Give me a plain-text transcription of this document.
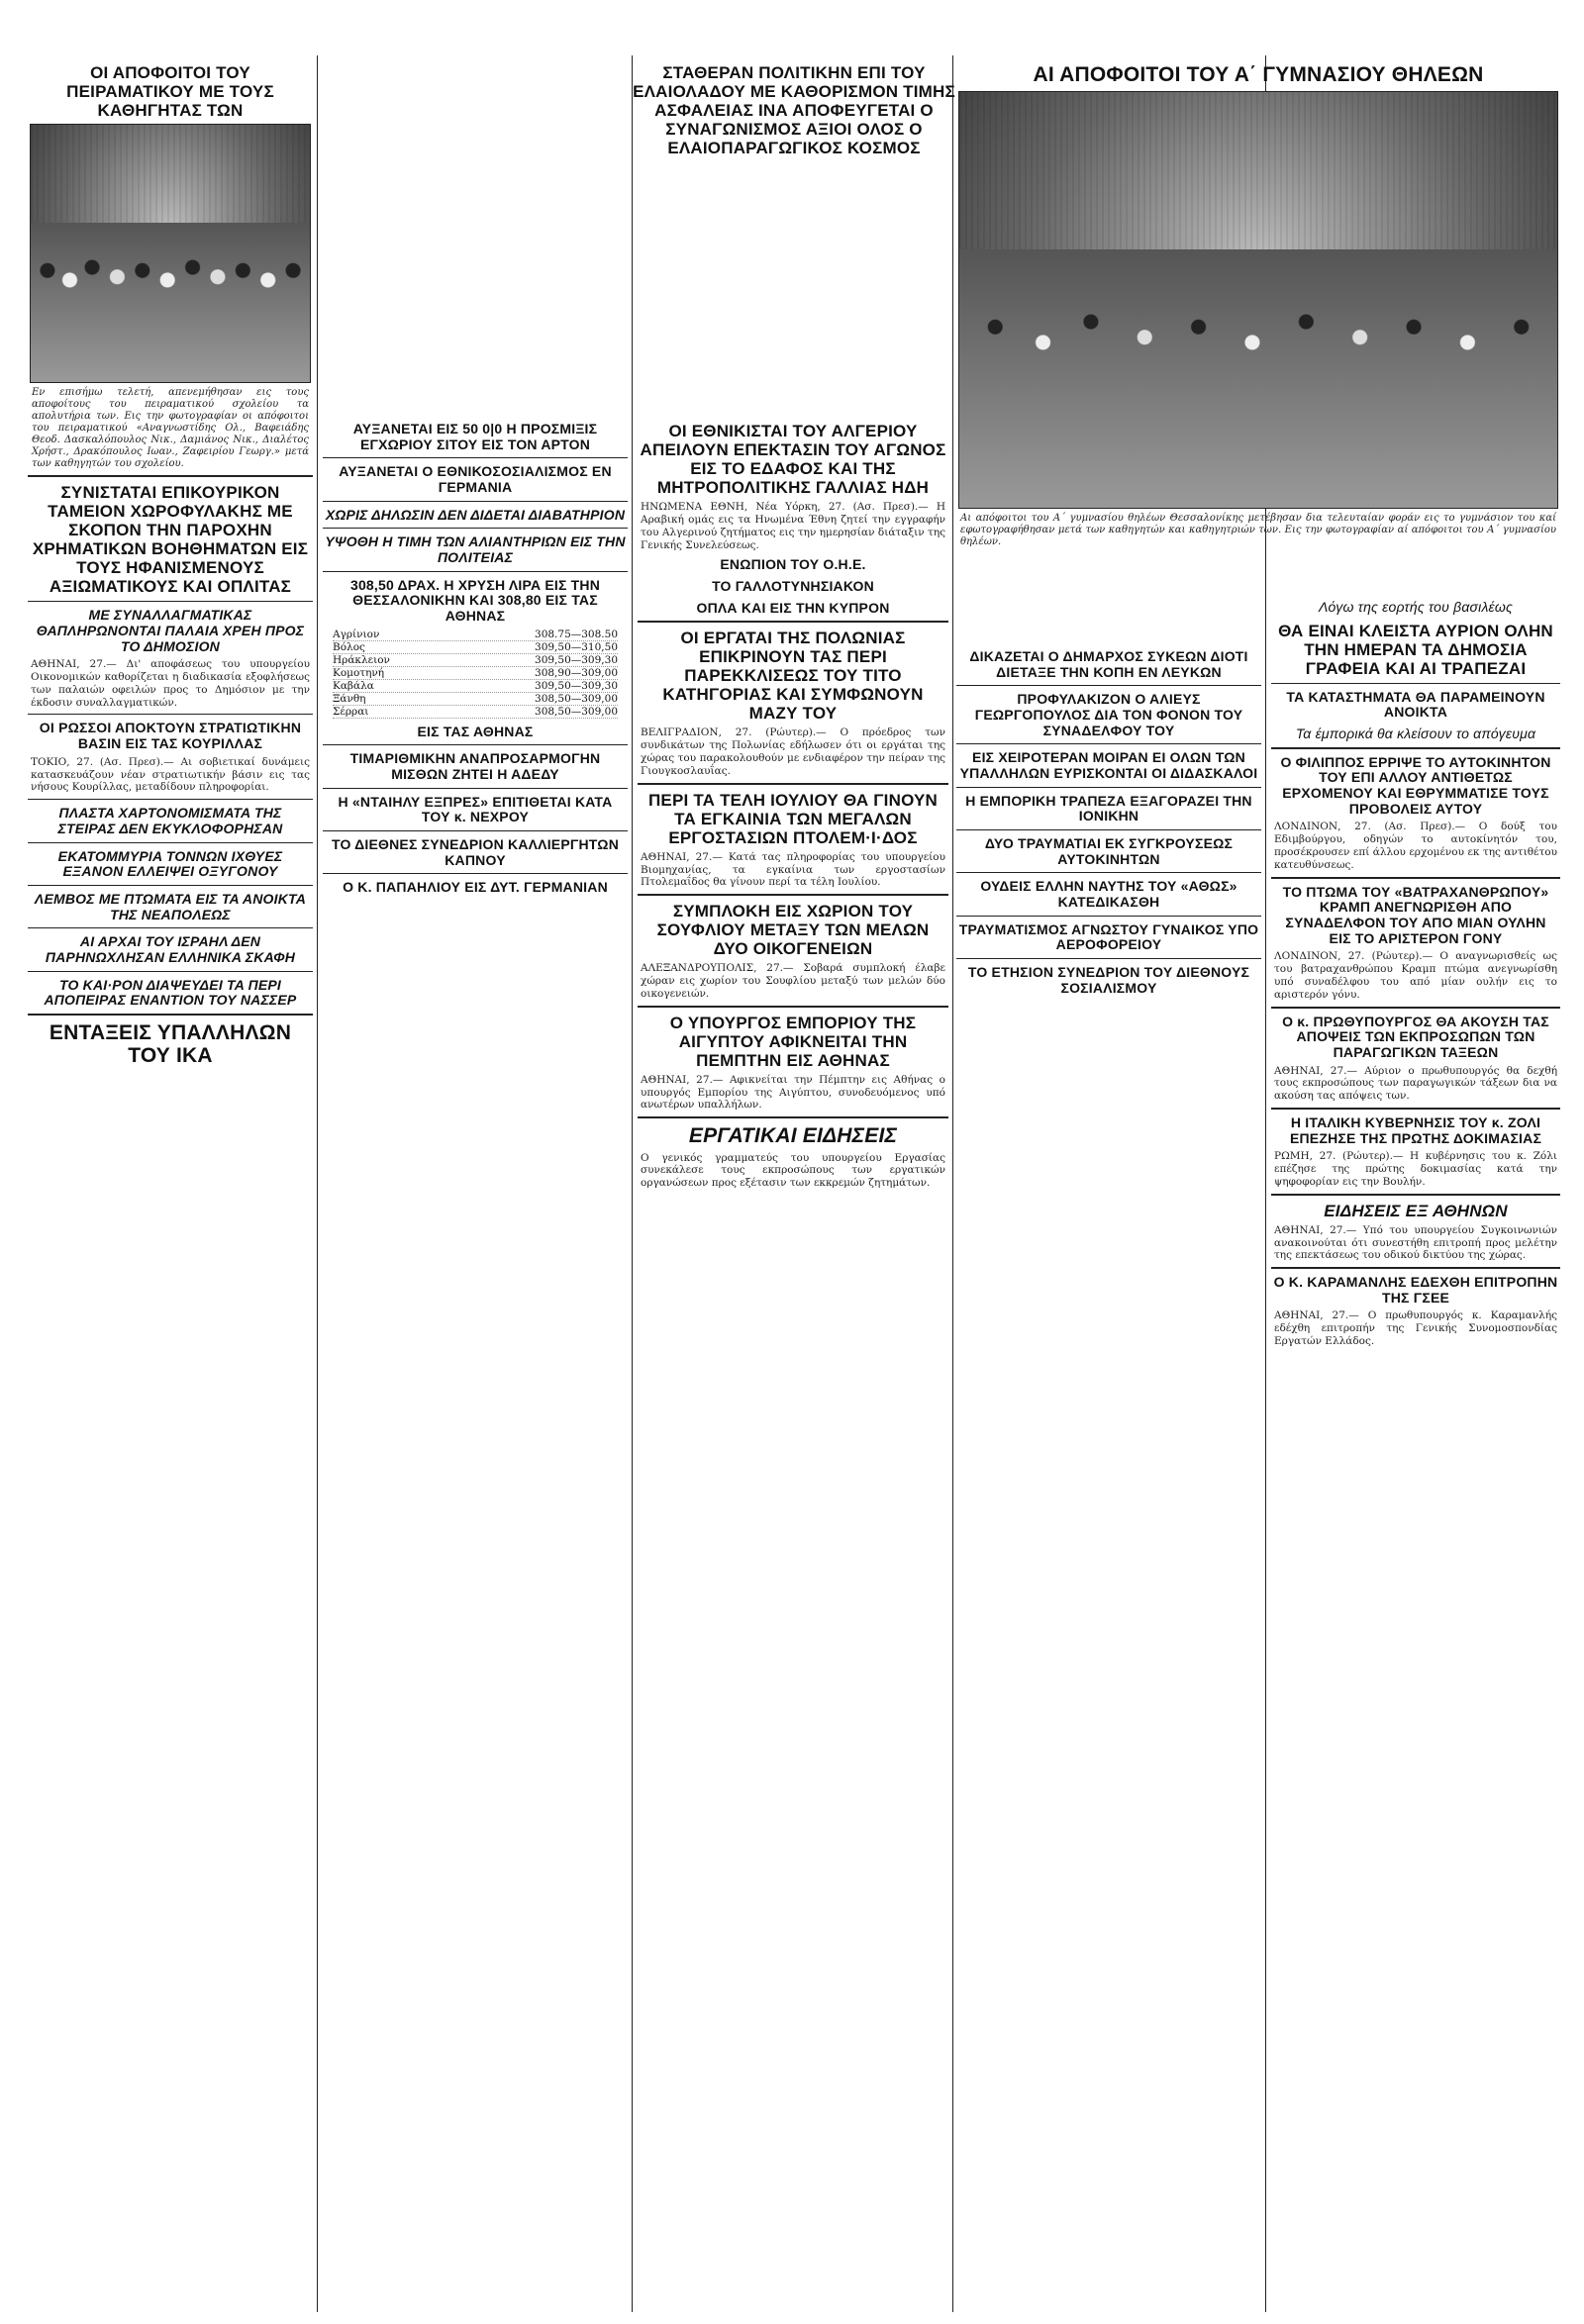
ΟΙ ΑΠΟΦΟΙΤΟΙ ΤΟΥ ΠΕΙΡΑΜΑΤΙΚΟΥ ΜΕ ΤΟΥΣ ΚΑΘΗΓΗΤΑΣ ΤΩΝ
Εν επισήμω τελετή, απενεμήθησαν εις τους αποφοίτους του πειραματικού σχολείου τα απολυτήρια των. Εις την φωτογραφίαν οι απόφοιτοι του πειραματικού «Αναγνωστίδης Ολ., Βαφειάδης Θεοδ. Δασκαλόπουλος Νικ., Δαμιάνος Νικ., Διαλέτος Χρήστ., Δρακόπουλος Ιωαν., Ζαφειρίου Γεωργ.» μετά των καθηγητών του σχολείου.
ΣΥΝΙΣΤΑΤΑΙ ΕΠΙΚΟΥΡΙΚΟΝ ΤΑΜΕΙΟΝ ΧΩΡΟΦΥΛΑΚΗΣ ΜΕ ΣΚΟΠΟΝ ΤΗΝ ΠΑΡΟΧΗΝ ΧΡΗΜΑΤΙΚΩΝ ΒΟΗΘΗΜΑΤΩΝ ΕΙΣ ΤΟΥΣ ΗΦΑΝΙΣΜΕΝΟΥΣ ΑΞΙΩΜΑΤΙΚΟΥΣ ΚΑΙ ΟΠΛΙΤΑΣ
ΜΕ ΣΥΝΑΛΛΑΓΜΑΤΙΚΑΣ ΘΑΠΛΗΡΩΝΟΝΤΑΙ ΠΑΛΑΙΑ ΧΡΕΗ ΠΡΟΣ ΤΟ ΔΗΜΟΣΙΟΝ
ΑΘΗΝΑΙ, 27.— Δι' αποφάσεως του υπουργείου Οικονομικών καθορίζεται η διαδικασία εξοφλήσεως των παλαιών οφειλών προς το Δημόσιον με την έκδοσιν συναλλαγματικών.
ΟΙ ΡΩΣΣΟΙ ΑΠΟΚΤΟΥΝ ΣΤΡΑΤΙΩΤΙΚΗΝ ΒΑΣΙΝ ΕΙΣ ΤΑΣ ΚΟΥΡΙΛΛΑΣ
ΤΟΚΙΟ, 27. (Ασ. Πρεσ).— Αι σοβιετικαί δυνάμεις κατασκευάζουν νέαν στρατιωτικήν βάσιν εις τας νήσους Κουρίλλας, μεταδίδουν πληροφορίαι.
ΠΛΑΣΤΑ ΧΑΡΤΟΝΟΜΙΣΜΑΤΑ ΤΗΣ ΣΤΕΙΡΑΣ ΔΕΝ ΕΚΥΚΛΟΦΟΡΗΣΑΝ
ΕΚΑΤΟΜΜΥΡΙΑ ΤΟΝΝΩΝ ΙΧΘΥΕΣ ΕΞΑΝΟΝ ΕΛΛΕΙΨΕΙ ΟΞΥΓΟΝΟΥ
ΛΕΜΒΟΣ ΜΕ ΠΤΩΜΑΤΑ ΕΙΣ ΤΑ ΑΝΟΙΚΤΑ ΤΗΣ ΝΕΑΠΟΛΕΩΣ
ΑΙ ΑΡΧΑΙ ΤΟΥ ΙΣΡΑΗΛ ΔΕΝ ΠΑΡΗΝΩΧΛΗΣΑΝ ΕΛΛΗΝΙΚΑ ΣΚΑΦΗ
ΤΟ ΚΑΙ·ΡΟΝ ΔΙΑΨΕΥΔΕΙ ΤΑ ΠΕΡΙ ΑΠΟΠΕΙΡΑΣ ΕΝΑΝΤΙΟΝ ΤΟΥ ΝΑΣΣΕΡ
ΕΝΤΑΞΕΙΣ ΥΠΑΛΛΗΛΩΝ ΤΟΥ ΙΚΑ
ΣΤΑΘΕΡΑΝ ΠΟΛΙΤΙΚΗΝ ΕΠΙ ΤΟΥ ΕΛΑΙΟΛΑΔΟΥ ΜΕ ΚΑΘΟΡΙΣΜΟΝ ΤΙΜΗΣ ΑΣΦΑΛΕΙΑΣ ΙΝΑ ΑΠΟΦΕΥΓΕΤΑΙ Ο ΣΥΝΑΓΩΝΙΣΜΟΣ ΑΞΙΟΙ ΟΛΟΣ Ο ΕΛΑΙΟΠΑΡΑΓΩΓΙΚΟΣ ΚΟΣΜΟΣ
ΑΥΞΑΝΕΤΑΙ ΕΙΣ 50 0|0 Η ΠΡΟΣΜΙΞΙΣ ΕΓΧΩΡΙΟΥ ΣΙΤΟΥ ΕΙΣ ΤΟΝ ΑΡΤΟΝ
ΑΥΞΑΝΕΤΑΙ Ο ΕΘΝΙΚΟΣΟΣΙΑΛΙΣΜΟΣ ΕΝ ΓΕΡΜΑΝΙΑ
ΧΩΡΙΣ ΔΗΛΩΣΙΝ ΔΕΝ ΔΙΔΕΤΑΙ ΔΙΑΒΑΤΗΡΙΟΝ
ΥΨΟΘΗ Η ΤΙΜΗ ΤΩΝ ΑΛΙΑΝΤΗΡΙΩΝ ΕΙΣ ΤΗΝ ΠΟΛΙΤΕΙΑΣ
308,50 ΔΡΑΧ. Η ΧΡΥΣΗ ΛΙΡΑ ΕΙΣ ΤΗΝ ΘΕΣΣΑΛΟΝΙΚΗΝ ΚΑΙ 308,80 ΕΙΣ ΤΑΣ ΑΘΗΝΑΣ
Αγρίνιον	308.75—308.50
Βόλος	309,50—310,50
Ηράκλειον	309,50—309,30
Κομοτηνή	308,90—309,00
Καβάλα	309,50—309,30
Ξάνθη	308,50—309,00
Σέρραι	308,50—309,00
ΕΙΣ ΤΑΣ ΑΘΗΝΑΣ
ΤΙΜΑΡΙΘΜΙΚΗΝ ΑΝΑΠΡΟΣΑΡΜΟΓΗΝ ΜΙΣΘΩΝ ΖΗΤΕΙ Η ΑΔΕΔΥ
Η «ΝΤΑΙΗΛΥ ΕΞΠΡΕΣ» ΕΠΙΤΙΘΕΤΑΙ ΚΑΤΑ ΤΟΥ κ. ΝΕΧΡΟΥ
ΤΟ ΔΙΕΘΝΕΣ ΣΥΝΕΔΡΙΟΝ ΚΑΛΛΙΕΡΓΗΤΩΝ ΚΑΠΝΟΥ
Ο Κ. ΠΑΠΑΗΛΙΟΥ ΕΙΣ ΔΥΤ. ΓΕΡΜΑΝΙΑΝ
ΟΙ ΕΘΝΙΚΙΣΤΑΙ ΤΟΥ ΑΛΓΕΡΙΟΥ ΑΠΕΙΛΟΥΝ ΕΠΕΚΤΑΣΙΝ ΤΟΥ ΑΓΩΝΟΣ ΕΙΣ ΤΟ ΕΔΑΦΟΣ ΚΑΙ ΤΗΣ ΜΗΤΡΟΠΟΛΙΤΙΚΗΣ ΓΑΛΛΙΑΣ ΗΔΗ
ΗΝΩΜΕΝΑ ΕΘΝΗ, Νέα Υόρκη, 27. (Ασ. Πρεσ).— Η Αραβική ομάς εις τα Ηνωμένα Έθνη ζητεί την εγγραφήν του Αλγερινού ζητήματος εις την ημερησίαν διάταξιν της Γενικής Συνελεύσεως.
ΕΝΩΠΙΟΝ ΤΟΥ Ο.Η.Ε.
ΤΟ ΓΑΛΛΟΤΥΝΗΣΙΑΚΟΝ
ΟΠΛΑ ΚΑΙ ΕΙΣ ΤΗΝ ΚΥΠΡΟΝ
ΟΙ ΕΡΓΑΤΑΙ ΤΗΣ ΠΟΛΩΝΙΑΣ ΕΠΙΚΡΙΝΟΥΝ ΤΑΣ ΠΕΡΙ ΠΑΡΕΚΚΛΙΣΕΩΣ ΤΟΥ ΤΙΤΟ ΚΑΤΗΓΟΡΙΑΣ ΚΑΙ ΣΥΜΦΩΝΟΥΝ ΜΑΖΥ ΤΟΥ
ΒΕΛΙΓΡΑΔΙΟΝ, 27. (Ρώυτερ).— Ο πρόεδρος των συνδικάτων της Πολωνίας εδήλωσεν ότι οι εργάται της χώρας του παρακολουθούν με ενδιαφέρον την πείραν της Γιουγκοσλαυΐας.
ΠΕΡΙ ΤΑ ΤΕΛΗ ΙΟΥΛΙΟΥ ΘΑ ΓΙΝΟΥΝ ΤΑ ΕΓΚΑΙΝΙΑ ΤΩΝ ΜΕΓΑΛΩΝ ΕΡΓΟΣΤΑΣΙΩΝ ΠΤΟΛΕΜ·Ι·ΔΟΣ
ΑΘΗΝΑΙ, 27.— Κατά τας πληροφορίας του υπουργείου Βιομηχανίας, τα εγκαίνια των εργοστασίων Πτολεμαΐδος θα γίνουν περί τα τέλη Ιουλίου.
ΣΥΜΠΛΟΚΗ ΕΙΣ ΧΩΡΙΟΝ ΤΟΥ ΣΟΥΦΛΙΟΥ ΜΕΤΑΞΥ ΤΩΝ ΜΕΛΩΝ ΔΥΟ ΟΙΚΟΓΕΝΕΙΩΝ
ΑΛΕΞΑΝΔΡΟΥΠΟΛΙΣ, 27.— Σοβαρά συμπλοκή έλαβε χώραν εις χωρίον του Σουφλίου μεταξύ των μελών δύο οικογενειών.
Ο ΥΠΟΥΡΓΟΣ ΕΜΠΟΡΙΟΥ ΤΗΣ ΑΙΓΥΠΤΟΥ ΑΦΙΚΝΕΙΤΑΙ ΤΗΝ ΠΕΜΠΤΗΝ ΕΙΣ ΑΘΗΝΑΣ
ΑΘΗΝΑΙ, 27.— Αφικνείται την Πέμπτην εις Αθήνας ο υπουργός Εμπορίου της Αιγύπτου, συνοδευόμενος υπό ανωτέρων υπαλλήλων.
ΕΡΓΑΤΙΚΑΙ ΕΙΔΗΣΕΙΣ
Ο γενικός γραμματεύς του υπουργείου Εργασίας συνεκάλεσε τους εκπροσώπους των εργατικών οργανώσεων προς εξέτασιν των εκκρεμών ζητημάτων.
ΔΙΚΑΖΕΤΑΙ Ο ΔΗΜΑΡΧΟΣ ΣΥΚΕΩΝ ΔΙΟΤΙ ΔΙΕΤΑΞΕ ΤΗΝ ΚΟΠΗ ΕΝ ΛΕΥΚΩΝ
ΠΡΟΦΥΛΑΚΙΖΟΝ Ο ΑΛΙΕΥΣ ΓΕΩΡΓΟΠΟΥΛΟΣ ΔΙΑ ΤΟΝ ΦΟΝΟΝ ΤΟΥ ΣΥΝΑΔΕΛΦΟΥ ΤΟΥ
ΕΙΣ ΧΕΙΡΟΤΕΡΑΝ ΜΟΙΡΑΝ ΕΙ ΟΛΩΝ ΤΩΝ ΥΠΑΛΛΗΛΩΝ ΕΥΡΙΣΚΟΝΤΑΙ ΟΙ ΔΙΔΑΣΚΑΛΟΙ
Η ΕΜΠΟΡΙΚΗ ΤΡΑΠΕΖΑ ΕΞΑΓΟΡΑΖΕΙ ΤΗΝ ΙΟΝΙΚΗΝ
ΔΥΟ ΤΡΑΥΜΑΤΙΑΙ ΕΚ ΣΥΓΚΡΟΥΣΕΩΣ ΑΥΤΟΚΙΝΗΤΩΝ
ΟΥΔΕΙΣ ΕΛΛΗΝ ΝΑΥΤΗΣ ΤΟΥ «ΑΘΩΣ» ΚΑΤΕΔΙΚΑΣΘΗ
ΤΡΑΥΜΑΤΙΣΜΟΣ ΑΓΝΩΣΤΟΥ ΓΥΝΑΙΚΟΣ ΥΠΟ ΑΕΡΟΦΟΡΕΙΟΥ
ΤΟ ΕΤΗΣΙΟΝ ΣΥΝΕΔΡΙΟΝ ΤΟΥ ΔΙΕΘΝΟΥΣ ΣΟΣΙΑΛΙΣΜΟΥ
ΑΙ ΑΠΟΦΟΙΤΟΙ ΤΟΥ Α΄ ΓΥΜΝΑΣΙΟΥ ΘΗΛΕΩΝ
Αι απόφοιτοι του Α΄ γυμνασίου θηλέων Θεσσαλονίκης μετέβησαν δια τελευταίαν φοράν εις το γυμνάσιον του καί εφωτογραφήθησαν μετά των καθηγητών και καθηγητριών των. Εις την φωτογραφίαν αί απόφοιτοι του Α΄ γυμνασίου θηλέων.
Λόγω της εορτής του βασιλέως
ΘΑ ΕΙΝΑΙ ΚΛΕΙΣΤΑ ΑΥΡΙΟΝ ΟΛΗΝ ΤΗΝ ΗΜΕΡΑΝ ΤΑ ΔΗΜΟΣΙΑ ΓΡΑΦΕΙΑ ΚΑΙ ΑΙ ΤΡΑΠΕΖΑΙ
ΤΑ ΚΑΤΑΣΤΗΜΑΤΑ ΘΑ ΠΑΡΑΜΕΙΝΟΥΝ ΑΝΟΙΚΤΑ
Τα έμπορικά θα κλείσουν το απόγευμα
Ο ΦΙΛΙΠΠΟΣ ΕΡΡΙΨΕ ΤΟ ΑΥΤΟΚΙΝΗΤΟΝ ΤΟΥ ΕΠΙ ΑΛΛΟΥ ΑΝΤΙΘΕΤΩΣ ΕΡΧΟΜΕΝΟΥ ΚΑΙ ΕΘΡΥΜΜΑΤΙΣΕ ΤΟΥΣ ΠΡΟΒΟΛΕΙΣ ΑΥΤΟΥ
ΛΟΝΔΙΝΟΝ, 27. (Ασ. Πρεσ).— Ο δούξ του Εδιμβούργου, οδηγών το αυτοκίνητόν του, προσέκρουσεν επί άλλου ερχομένου εκ της αντιθέτου κατευθύνσεως.
ΤΟ ΠΤΩΜΑ ΤΟΥ «ΒΑΤΡΑΧΑΝΘΡΩΠΟΥ» ΚΡΑΜΠ ΑΝΕΓΝΩΡΙΣΘΗ ΑΠΟ ΣΥΝΑΔΕΛΦΟΝ ΤΟΥ ΑΠΟ ΜΙΑΝ ΟΥΛΗΝ ΕΙΣ ΤΟ ΑΡΙΣΤΕΡΟΝ ΓΟΝΥ
ΛΟΝΔΙΝΟΝ, 27. (Ρώυτερ).— Ο αναγνωρισθείς ως του βατραχανθρώπου Κραμπ πτώμα ανεγνωρίσθη υπό συναδέλφου του από μίαν ουλήν εις το αριστερόν γόνυ.
Ο κ. ΠΡΩΘΥΠΟΥΡΓΟΣ ΘΑ ΑΚΟΥΣΗ ΤΑΣ ΑΠΟΨΕΙΣ ΤΩΝ ΕΚΠΡΟΣΩΠΩΝ ΤΩΝ ΠΑΡΑΓΩΓΙΚΩΝ ΤΑΞΕΩΝ
ΑΘΗΝΑΙ, 27.— Αύριον ο πρωθυπουργός θα δεχθή τους εκπροσώπους των παραγωγικών τάξεων δια να ακούση τας απόψεις των.
Η ΙΤΑΛΙΚΗ ΚΥΒΕΡΝΗΣΙΣ ΤΟΥ κ. ΖΟΛΙ ΕΠΕΖΗΣΕ ΤΗΣ ΠΡΩΤΗΣ ΔΟΚΙΜΑΣΙΑΣ
ΡΩΜΗ, 27. (Ρώυτερ).— Η κυβέρνησις του κ. Ζόλι επέζησε της πρώτης δοκιμασίας κατά την ψηφοφορίαν εις την Βουλήν.
ΕΙΔΗΣΕΙΣ ΕΞ ΑΘΗΝΩΝ
ΑΘΗΝΑΙ, 27.— Υπό του υπουργείου Συγκοινωνιών ανακοινούται ότι συνεστήθη επιτροπή προς μελέτην της επεκτάσεως του οδικού δικτύου της χώρας.
Ο Κ. ΚΑΡΑΜΑΝΛΗΣ ΕΔΕΧΘΗ ΕΠΙΤΡΟΠΗΝ ΤΗΣ ΓΣΕΕ
ΑΘΗΝΑΙ, 27.— Ο πρωθυπουργός κ. Καραμανλής εδέχθη επιτροπήν της Γενικής Συνομοσπονδίας Εργατών Ελλάδος.
